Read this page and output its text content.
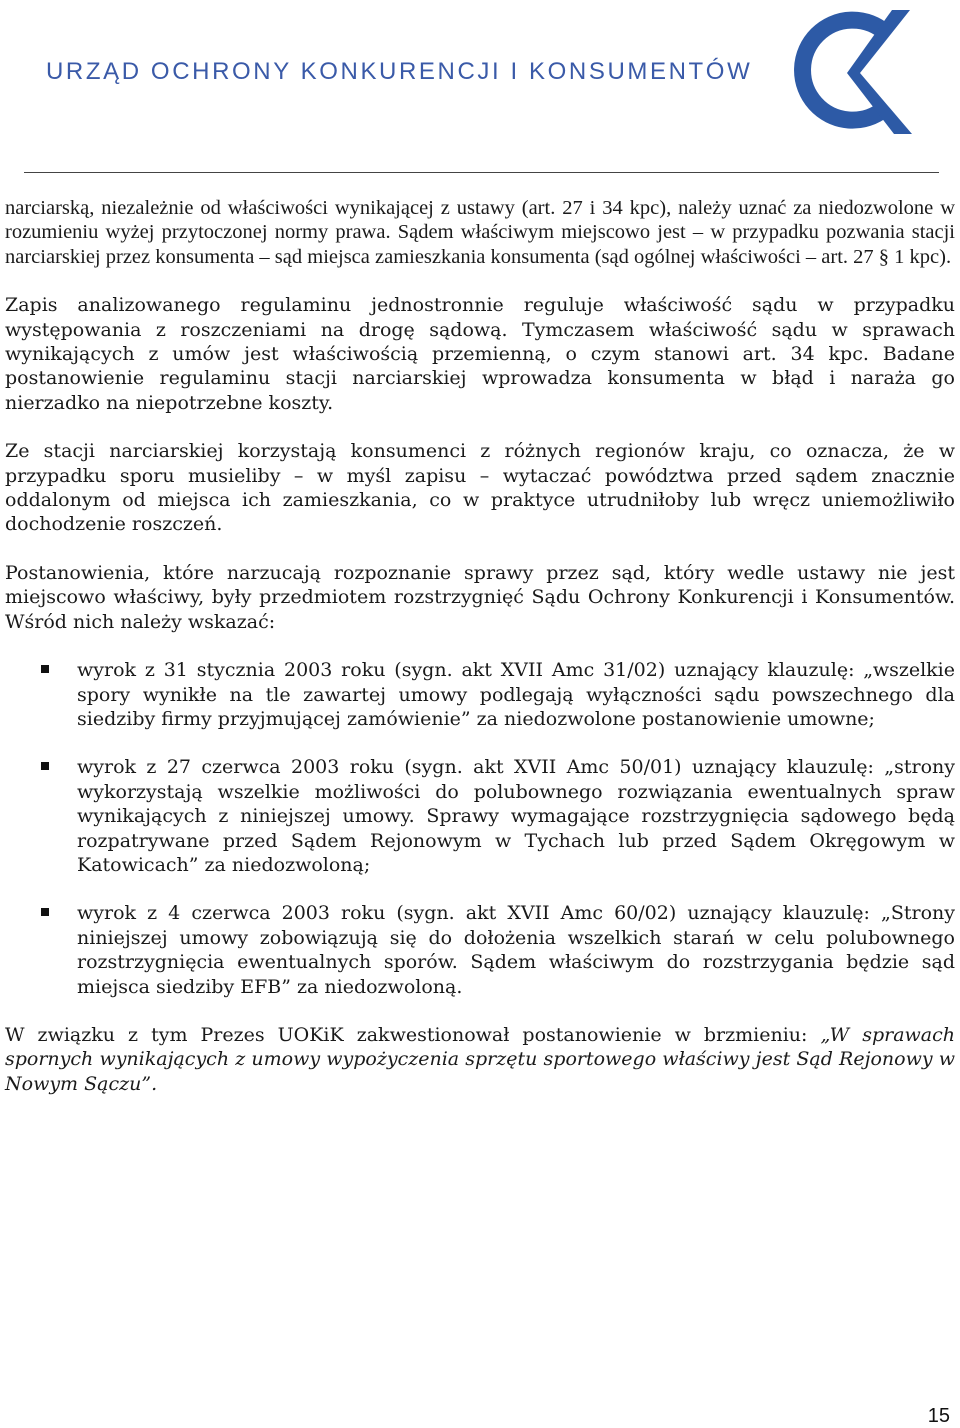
URZĄD OCHRONY KONKURENCJI I KONSUMENTÓW

narciarską, niezależnie od właściwości wynikającej z ustawy (art. 27 i 34 kpc), należy uznać za niedozwolone w rozumieniu wyżej przytoczonej normy prawa. Sądem właściwym miejscowo jest – w przypadku pozwania stacji narciarskiej przez konsumenta – sąd miejsca zamieszkania konsumenta (sąd ogólnej właściwości – art. 27 § 1 kpc).

Zapis analizowanego regulaminu jednostronnie reguluje właściwość sądu w przypadku występowania z roszczeniami na drogę sądową. Tymczasem właściwość sądu w sprawach wynikających z umów jest właściwością przemienną, o czym stanowi art. 34 kpc. Badane postanowienie regulaminu stacji narciarskiej wprowadza konsumenta w błąd i naraża go nierzadko na niepotrzebne koszty.

Ze stacji narciarskiej korzystają konsumenci z różnych regionów kraju, co oznacza, że w przypadku sporu musieliby – w myśl zapisu – wytaczać powództwa przed sądem znacznie oddalonym od miejsca ich zamieszkania, co w praktyce utrudniłoby lub wręcz uniemożliwiło dochodzenie roszczeń.

Postanowienia, które narzucają rozpoznanie sprawy przez sąd, który wedle ustawy nie jest miejscowo właściwy, były przedmiotem rozstrzygnięć Sądu Ochrony Konkurencji i Konsumentów. Wśród nich należy wskazać:

wyrok z 31 stycznia 2003 roku (sygn. akt XVII Amc 31/02) uznający klauzulę: „wszelkie spory wynikłe na tle zawartej umowy podlegają wyłączności sądu powszechnego dla siedziby firmy przyjmującej zamówienie” za niedozwolone postanowienie umowne;
wyrok z 27 czerwca 2003 roku (sygn. akt XVII Amc 50/01) uznający klauzulę: „strony wykorzystają wszelkie możliwości do polubownego rozwiązania ewentualnych spraw wynikających z niniejszej umowy. Sprawy wymagające rozstrzygnięcia sądowego będą rozpatrywane przed Sądem Rejonowym w Tychach lub przed Sądem Okręgowym w Katowicach” za niedozwoloną;
wyrok z 4 czerwca 2003 roku (sygn. akt XVII Amc 60/02) uznający klauzulę: „Strony niniejszej umowy zobowiązują się do dołożenia wszelkich starań w celu polubownego rozstrzygnięcia ewentualnych sporów. Sądem właściwym do rozstrzygania będzie sąd miejsca siedziby EFB” za niedozwoloną.

W związku z tym Prezes UOKiK zakwestionował postanowienie w brzmieniu: „W sprawach spornych wynikających z umowy wypożyczenia sprzętu sportowego właściwy jest Sąd Rejonowy w Nowym Sączu”.

15
